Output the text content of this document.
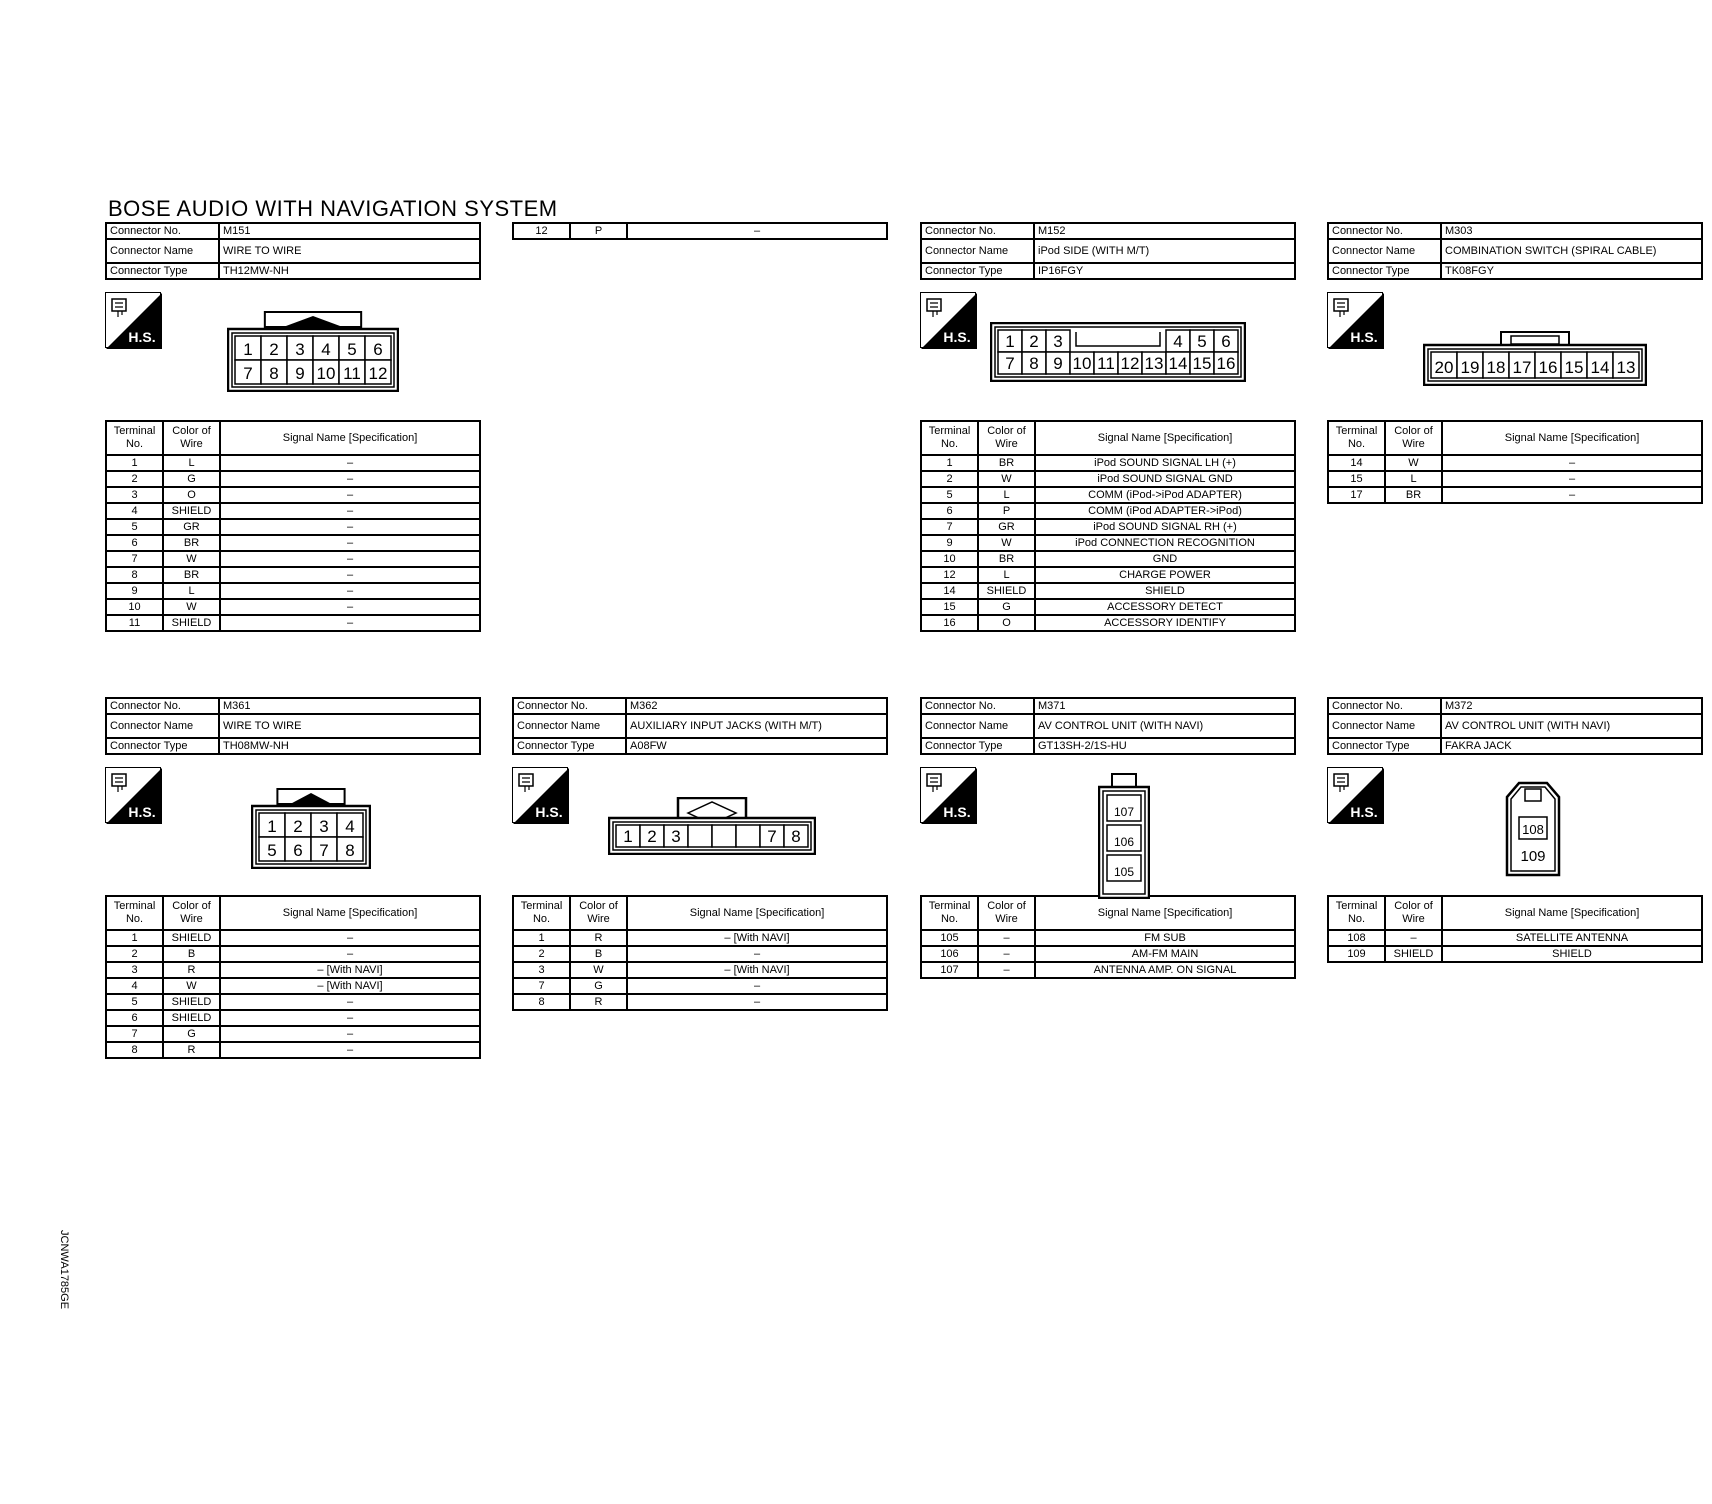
BOSE AUDIO WITH NAVIGATION SYSTEM
12	P	–
Connector No.	M151
Connector Name	WIRE TO WIRE
Connector Type	TH12MW-NH
H.S.
1 2 3 4 5 6
7 8 9 10 11 12
Terminal No.	Color of Wire	Signal Name [Specification]
1	L	–
2	G	–
3	O	–
4	SHIELD	–
5	GR	–
6	BR	–
7	W	–
8	BR	–
9	L	–
10	W	–
11	SHIELD	–
Connector No.	M152
Connector Name	iPod SIDE (WITH M/T)
Connector Type	IP16FGY
H.S. 1 2 3	4 5 6
7 8 9 10 11 12 13 14 15 16
Terminal No.	Color of Wire	Signal Name [Specification]
1	BR	iPod SOUND SIGNAL LH (+)
2	W	iPod SOUND SIGNAL GND
5	L	COMM (iPod->iPod ADAPTER)
6	P	COMM (iPod ADAPTER->iPod)
7	GR	iPod SOUND SIGNAL RH (+)
9	W	iPod CONNECTION RECOGNITION
10	BR	GND
12	L	CHARGE POWER
14	SHIELD	SHIELD
15	G	ACCESSORY DETECT
16	O	ACCESSORY IDENTIFY
Connector No.	M303
Connector Name	COMBINATION SWITCH (SPIRAL CABLE)
Connector Type	TK08FGY
H.S.
20 19 18 17 16 15 14 13
Terminal No.	Color of Wire	Signal Name [Specification]
14	W	–
15	L	–
17	BR	–
Connector No.	M361
Connector Name	WIRE TO WIRE
Connector Type	TH08MW-NH
H.S.
1 2 3 4
5 6 7 8
Terminal No.	Color of Wire	Signal Name [Specification]
1	SHIELD	–
2	B	–
3	R	– [With NAVI]
4	W	– [With NAVI]
5	SHIELD	–
6	SHIELD	–
7	G	–
8	R	–
Connector No.	M362
Connector Name	AUXILIARY INPUT JACKS (WITH M/T)
Connector Type	A08FW
H.S.
1 2 3	7 8
Terminal No.	Color of Wire	Signal Name [Specification]
1	R	– [With NAVI]
2	B	–
3	W	– [With NAVI]
7	G	–
8	R	–
Connector No.	M371
Connector Name	AV CONTROL UNIT (WITH NAVI)
Connector Type	GT13SH-2/1S-HU
H.S.	107
106
105
Terminal No.	Color of Wire	Signal Name [Specification]
105	–	FM SUB
106	–	AM-FM MAIN
107	–	ANTENNA AMP. ON SIGNAL
Connector No.	M372
Connector Name	AV CONTROL UNIT (WITH NAVI)
Connector Type	FAKRA JACK
H.S.
108
109
Terminal No.	Color of Wire	Signal Name [Specification]
108	–	SATELLITE ANTENNA
109	SHIELD	SHIELD
JCNWA1785GE
